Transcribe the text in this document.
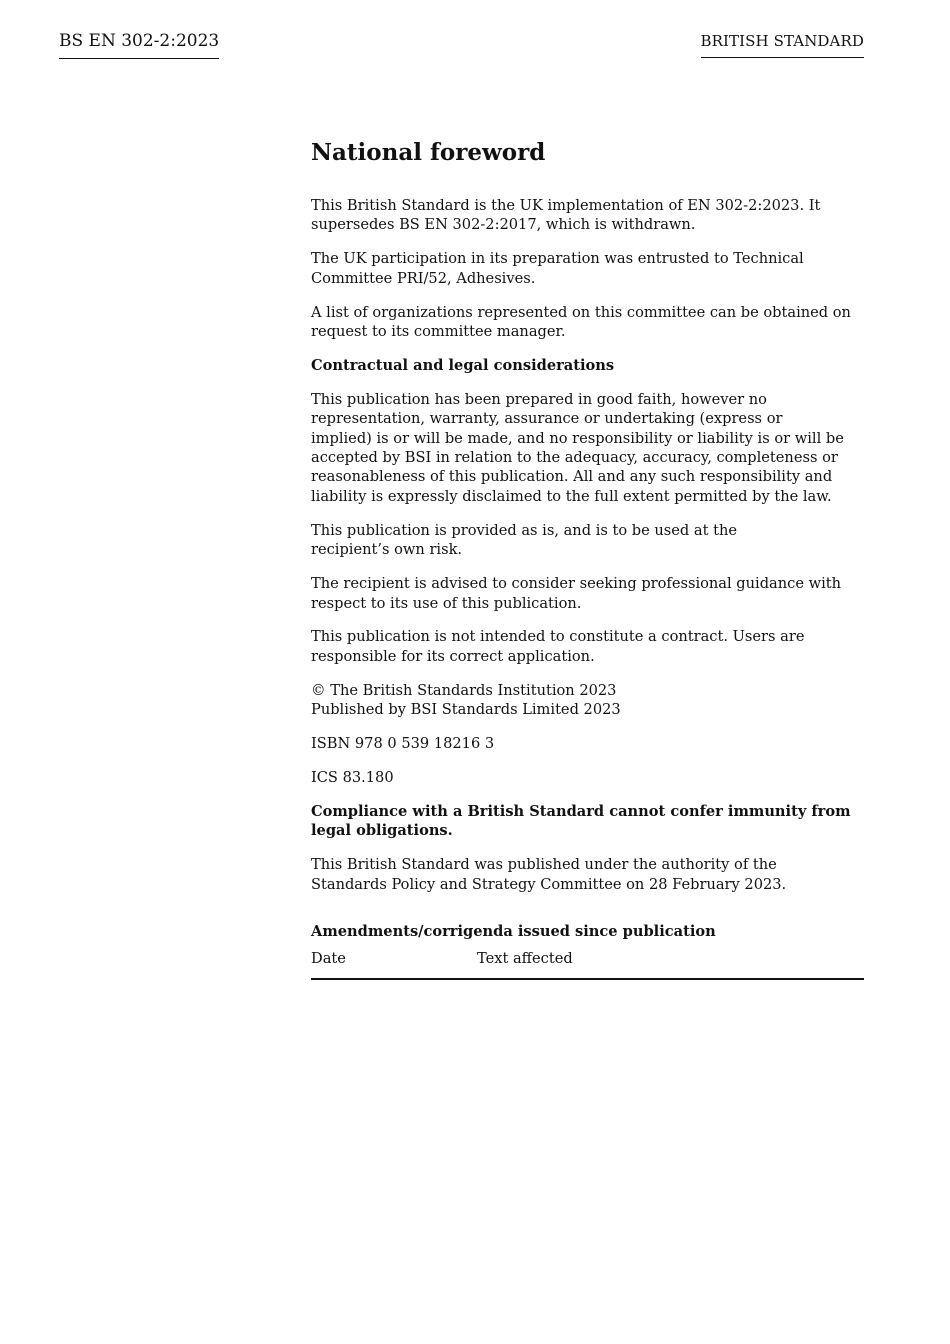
BS EN 302-2:2023	BRITISH STANDARD
National foreword

This British Standard is the UK implementation of EN 302-2:2023. It
supersedes BS EN 302-2:2017, which is withdrawn.

The UK participation in its preparation was entrusted to Technical
Committee PRI/52, Adhesives.

A list of organizations represented on this committee can be obtained on
request to its committee manager.

Contractual and legal considerations

This publication has been prepared in good faith, however no
representation, warranty, assurance or undertaking (express or
implied) is or will be made, and no responsibility or liability is or will be
accepted by BSI in relation to the adequacy, accuracy, completeness or
reasonableness of this publication. All and any such responsibility and
liability is expressly disclaimed to the full extent permitted by the law.

This publication is provided as is, and is to be used at the
recipient’s own risk.

The recipient is advised to consider seeking professional guidance with
respect to its use of this publication.

This publication is not intended to constitute a contract. Users are
responsible for its correct application.

© The British Standards Institution 2023
Published by BSI Standards Limited 2023

ISBN 978 0 539 18216 3

ICS 83.180

Compliance with a British Standard cannot confer immunity from
legal obligations.

This British Standard was published under the authority of the
Standards Policy and Strategy Committee on 28 February 2023.

Amendments/corrigenda issued since publication
Date	Text affected
